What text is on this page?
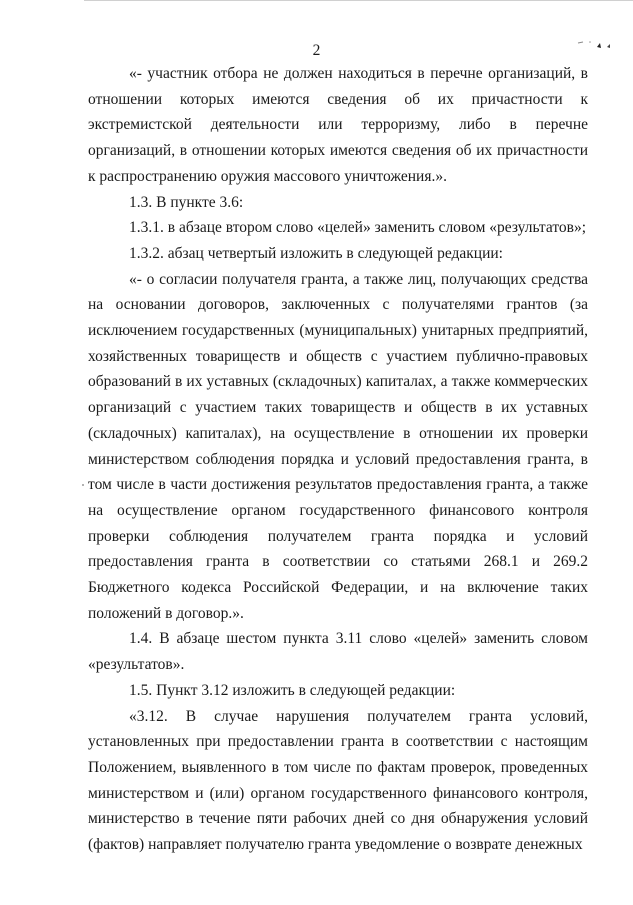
2

«- участник отбора не должен находиться в перечне организаций, в отношении которых имеются сведения об их причастности к экстремистской деятельности или терроризму, либо в перечне организаций, в отношении которых имеются сведения об их причастности к распространению оружия массового уничтожения.».

1.3. В пункте 3.6:

1.3.1. в абзаце втором слово «целей» заменить словом «результатов»;

1.3.2. абзац четвертый изложить в следующей редакции:

«- о согласии получателя гранта, а также лиц, получающих средства на основании договоров, заключенных с получателями грантов (за исключением государственных (муниципальных) унитарных предприятий, хозяйственных товариществ и обществ с участием публично-правовых образований в их уставных (складочных) капиталах, а также коммерческих организаций с участием таких товариществ и обществ в их уставных (складочных) капиталах), на осуществление в отношении их проверки министерством соблюдения порядка и условий предоставления гранта, в том числе в части достижения результатов предоставления гранта, а также на осуществление органом государственного финансового контроля проверки соблюдения получателем гранта порядка и условий предоставления гранта в соответствии со статьями 268.1 и 269.2 Бюджетного кодекса Российской Федерации, и на включение таких положений в договор.».

1.4. В абзаце шестом пункта 3.11 слово «целей» заменить словом «результатов».

1.5. Пункт 3.12 изложить в следующей редакции:

«3.12. В случае нарушения получателем гранта условий, установленных при предоставлении гранта в соответствии с настоящим Положением, выявленного в том числе по фактам проверок, проведенных министерством и (или) органом государственного финансового контроля, министерство в течение пяти рабочих дней со дня обнаружения условий (фактов) направляет получателю гранта уведомление о возврате денежных
